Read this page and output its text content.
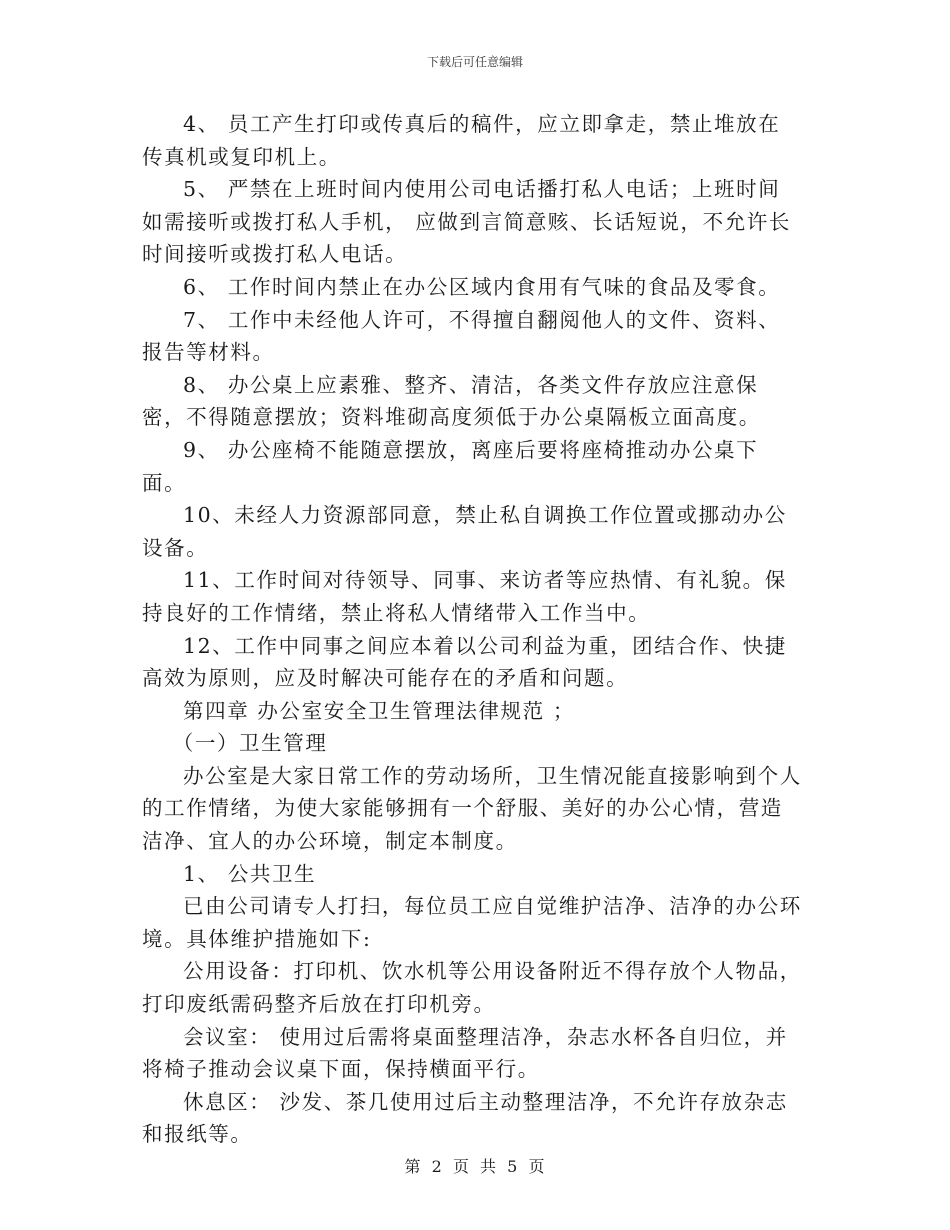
下载后可任意编辑

4、 员工产生打印或传真后的稿件，应立即拿走，禁止堆放在传真机或复印机上。

5、 严禁在上班时间内使用公司电话播打私人电话；上班时间如需接听或拨打私人手机， 应做到言简意赅、长话短说，不允许长时间接听或拨打私人电话。

6、 工作时间内禁止在办公区域内食用有气味的食品及零食。

7、 工作中未经他人许可，不得擅自翻阅他人的文件、资料、报告等材料。

8、 办公桌上应素雅、整齐、清洁，各类文件存放应注意保密，不得随意摆放；资料堆砌高度须低于办公桌隔板立面高度。

9、 办公座椅不能随意摆放，离座后要将座椅推动办公桌下面。

10、未经人力资源部同意，禁止私自调换工作位置或挪动办公设备。

11、工作时间对待领导、同事、来访者等应热情、有礼貌。保持良好的工作情绪，禁止将私人情绪带入工作当中。

12、工作中同事之间应本着以公司利益为重，团结合作、快捷高效为原则，应及时解决可能存在的矛盾和问题。

第四章 办公室安全卫生管理法律规范 ；

（一）卫生管理

办公室是大家日常工作的劳动场所，卫生情况能直接影响到个人的工作情绪，为使大家能够拥有一个舒服、美好的办公心情，营造洁净、宜人的办公环境，制定本制度。

1、 公共卫生

已由公司请专人打扫，每位员工应自觉维护洁净、洁净的办公环境。具体维护措施如下:

公用设备：打印机、饮水机等公用设备附近不得存放个人物品，打印废纸需码整齐后放在打印机旁。

会议室： 使用过后需将桌面整理洁净，杂志水杯各自归位，并将椅子推动会议桌下面，保持横面平行。

休息区： 沙发、茶几使用过后主动整理洁净，不允许存放杂志和报纸等。

第 2 页 共 5 页
